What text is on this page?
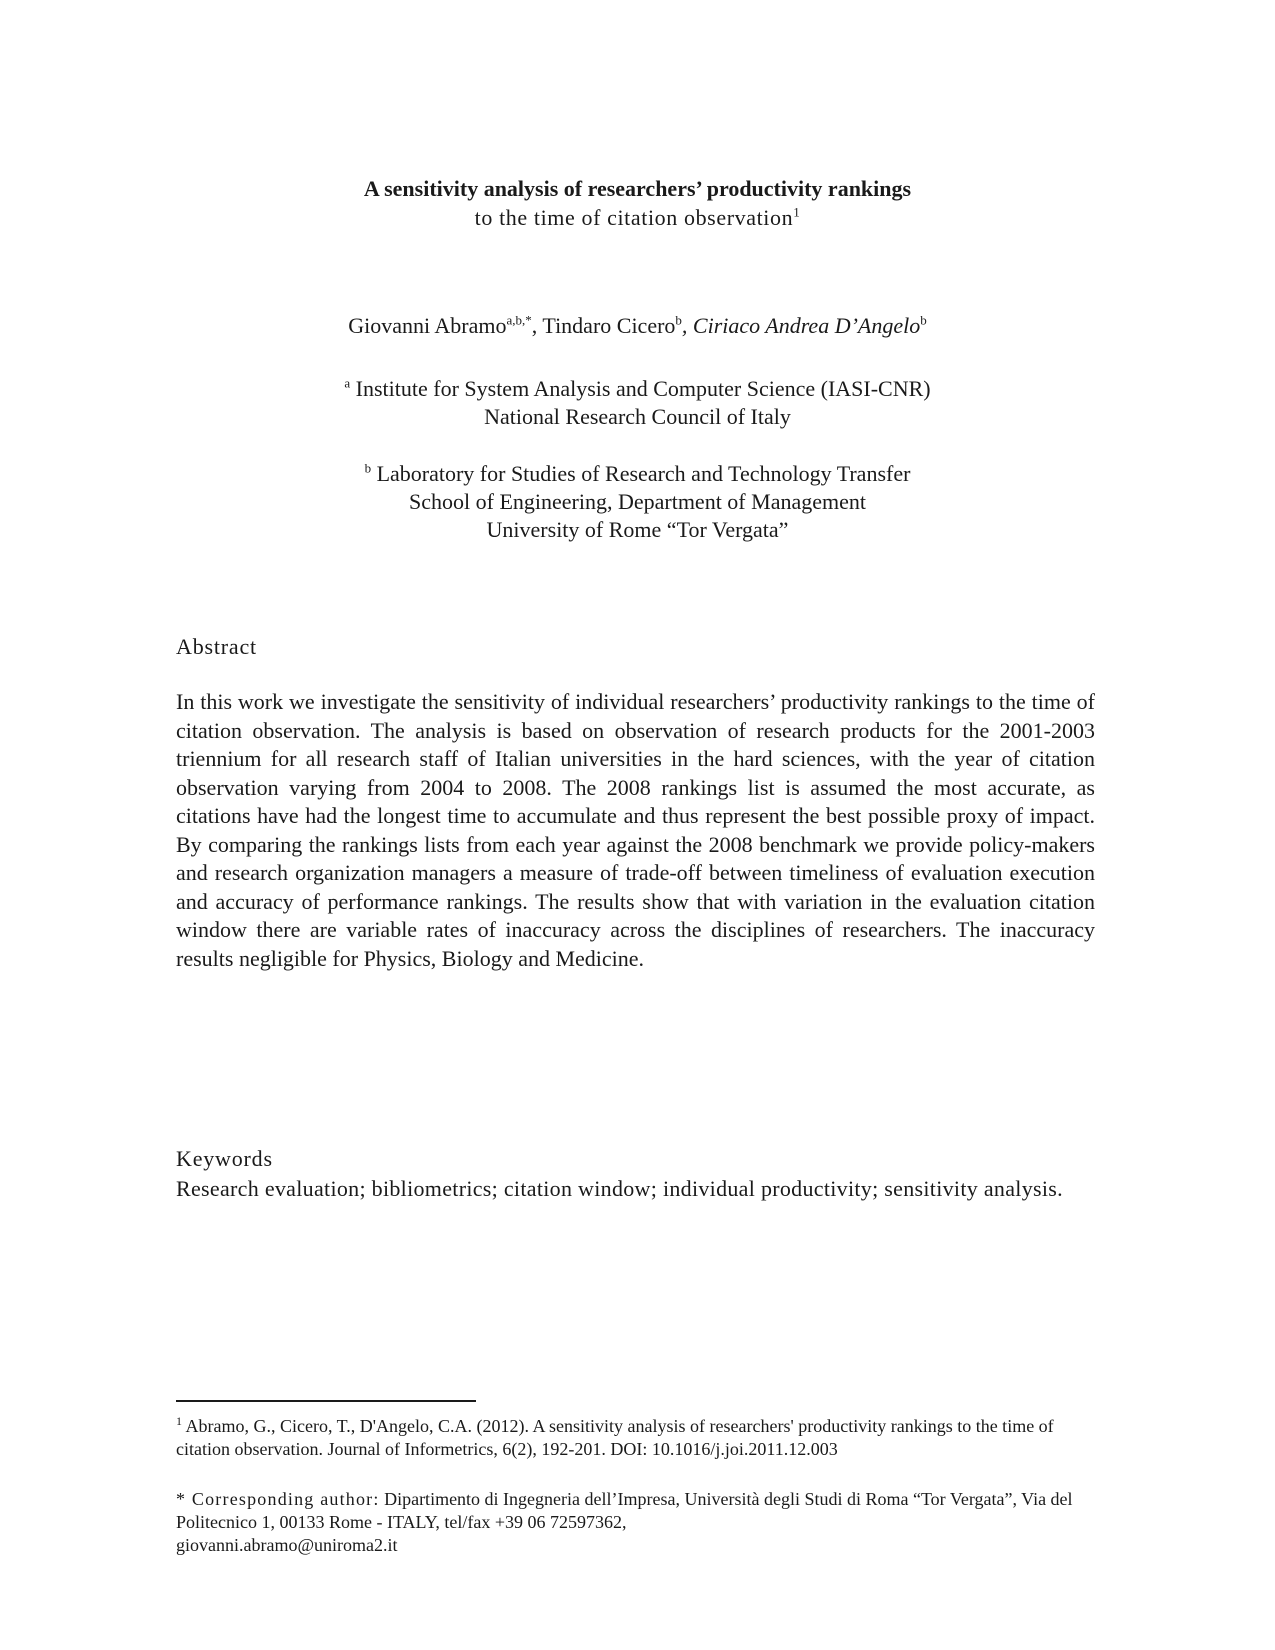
A sensitivity analysis of researchers’ productivity rankings
to the time of citation observation$^1$
Giovanni Abramo$^{a,b,*}$, Tindaro Cicero$^b$, Ciriaco Andrea D’Angelo$^b$
$^a$ Institute for System Analysis and Computer Science (IASI-CNR)
National Research Council of Italy
$^b$ Laboratory for Studies of Research and Technology Transfer
School of Engineering, Department of Management
University of Rome “Tor Vergata”
Abstract

In this work we investigate the sensitivity of individual researchers’ productivity rankings to the time of citation observation. The analysis is based on observation of research products for the 2001-2003 triennium for all research staff of Italian universities in the hard sciences, with the year of citation observation varying from 2004 to 2008. The 2008 rankings list is assumed the most accurate, as citations have had the longest time to accumulate and thus represent the best possible proxy of impact. By comparing the rankings lists from each year against the 2008 benchmark we provide policy-makers and research organization managers a measure of trade-off between timeliness of evaluation execution and accuracy of performance rankings. The results show that with variation in the evaluation citation window there are variable rates of inaccuracy across the disciplines of researchers. The inaccuracy results negligible for Physics, Biology and Medicine.

Keywords

Research evaluation; bibliometrics; citation window; individual productivity; sensitivity analysis.

$^1$ Abramo, G., Cicero, T., D'Angelo, C.A. (2012). A sensitivity analysis of researchers' productivity rankings to the time of citation observation. Journal of Informetrics, 6(2), 192-201. DOI: 10.1016/j.joi.2011.12.003

* Corresponding author: Dipartimento di Ingegneria dell’Impresa, Università degli Studi di Roma “Tor Vergata”, Via del Politecnico 1, 00133 Rome - ITALY, tel/fax +39 06 72597362,
giovanni.abramo@uniroma2.it
